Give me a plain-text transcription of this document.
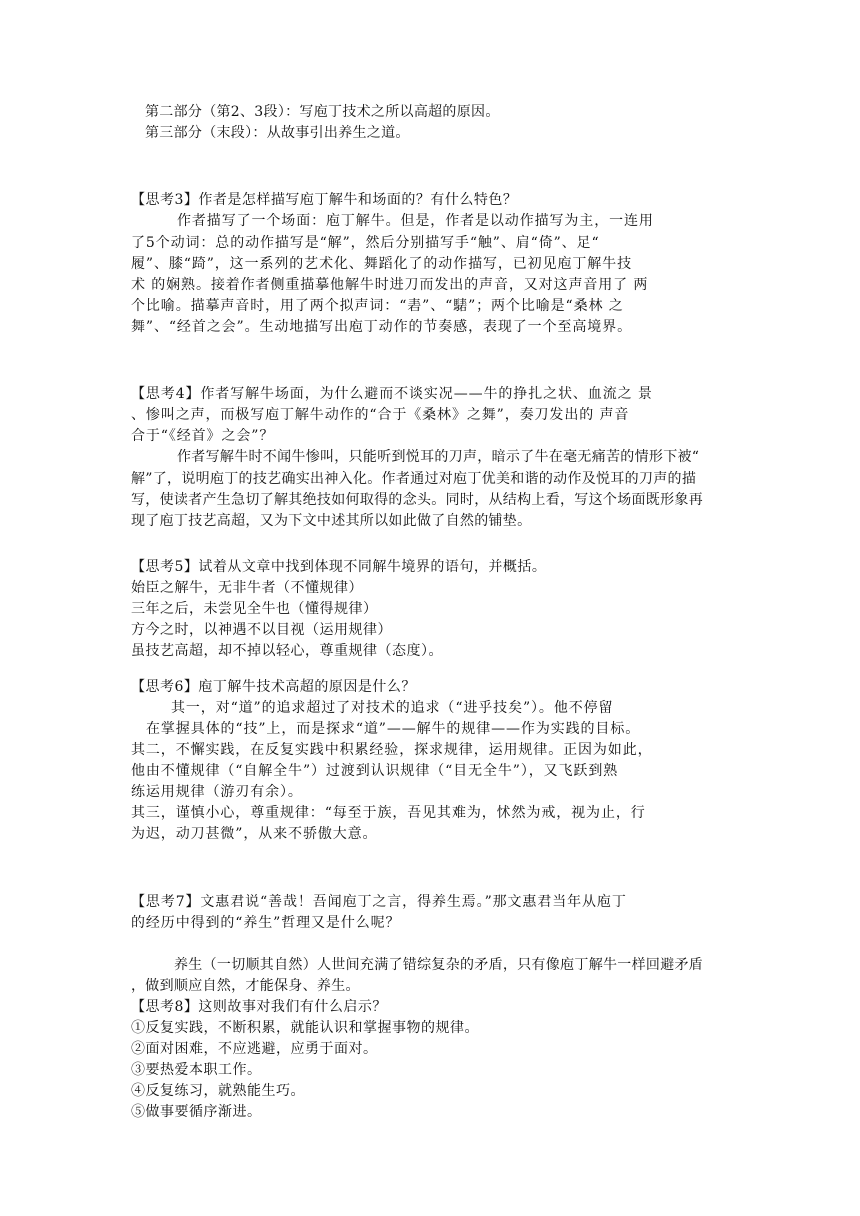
第二部分（第2、3段）：写庖丁技术之所以高超的原因。
第三部分（末段）：从故事引出养生之道。
【思考3】作者是怎样描写庖丁解牛和场面的？有什么特色？
作者描写了一个场面：庖丁解牛。但是，作者是以动作描写为主，一连用
了5个动词：总的动作描写是“解”，然后分别描写手“触”、肩“倚”、足“
履”、膝“踦”，这一系列的艺术化、舞蹈化了的动作描写，已初见庖丁解牛技
术 的娴熟。接着作者侧重描摹他解牛时进刀而发出的声音，又对这声音用了 两
个比喻。描摹声音时，用了两个拟声词：“砉”、“騞”；两个比喻是“桑林 之
舞”、“经首之会”。生动地描写出庖丁动作的节奏感，表现了一个至高境界。
【思考4】作者写解牛场面，为什么避而不谈实况——牛的挣扎之状、血流之 景
、惨叫之声，而极写庖丁解牛动作的“合于《桑林》之舞”，奏刀发出的 声音
合于“《经首》之会”？
作者写解牛时不闻牛惨叫，只能听到悦耳的刀声，暗示了牛在毫无痛苦的情形下被“
解”了，说明庖丁的技艺确实出神入化。作者通过对庖丁优美和谐的动作及悦耳的刀声的描
写，使读者产生急切了解其绝技如何取得的念头。同时，从结构上看，写这个场面既形象再
现了庖丁技艺高超，又为下文中述其所以如此做了自然的铺垫。
【思考5】试着从文章中找到体现不同解牛境界的语句，并概括。
始臣之解牛，无非牛者（不懂规律）
三年之后，未尝见全牛也（懂得规律）
方今之时，以神遇不以目视（运用规律）
虽技艺高超，却不掉以轻心，尊重规律（态度）。
【思考6】庖丁解牛技术高超的原因是什么？
其一，对“道”的追求超过了对技术的追求（“进乎技矣”）。他不停留
在掌握具体的“技”上，而是探求“道”——解牛的规律——作为实践的目标。
其二，不懈实践，在反复实践中积累经验，探求规律，运用规律。正因为如此，
他由不懂规律（“自解全牛”）过渡到认识规律（“目无全牛”），又飞跃到熟
练运用规律（游刃有余）。
其三，谨慎小心，尊重规律：“每至于族，吾见其难为，怵然为戒，视为止，行
为迟，动刀甚微”，从来不骄傲大意。
【思考7】文惠君说“善哉！吾闻庖丁之言，得养生焉。”那文惠君当年从庖丁
的经历中得到的“养生”哲理又是什么呢？
养生（一切顺其自然）人世间充满了错综复杂的矛盾，只有像庖丁解牛一样回避矛盾
，做到顺应自然，才能保身、养生。
【思考8】这则故事对我们有什么启示？
①反复实践，不断积累，就能认识和掌握事物的规律。
②面对困难，不应逃避，应勇于面对。
③要热爱本职工作。
④反复练习，就熟能生巧。
⑤做事要循序渐进。
